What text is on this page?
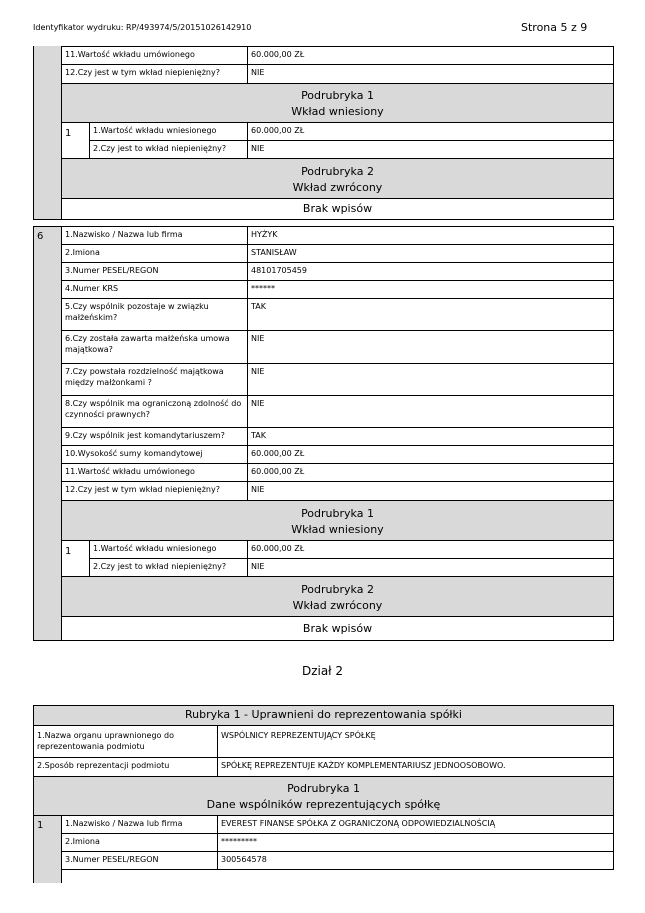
Identyfikator wydruku: RP/493974/5/20151026142910	Strona 5 z 9
11.Wartość wkładu umówionego	60.000,00 ZŁ
12.Czy jest w tym wkład niepieniężny?	NIE
Podrubryka 1
Wkład wniesiony
1	1.Wartość wkładu wniesionego	60.000,00 ZŁ
2.Czy jest to wkład niepieniężny?	NIE
Podrubryka 2
Wkład zwrócony
Brak wpisów
6	1.Nazwisko / Nazwa lub firma	HYŻYK
2.Imiona	STANISŁAW
3.Numer PESEL/REGON	48101705459
4.Numer KRS	******
5.Czy wspólnik pozostaje w związku małżeńskim?
TAK
6.Czy została zawarta małżeńska umowa majątkowa?
NIE
7.Czy powstała rozdzielność majątkowa między małżonkami ?
NIE
8.Czy wspólnik ma ograniczoną zdolność do czynności prawnych?
NIE
9.Czy wspólnik jest komandytariuszem?	TAK
10.Wysokość sumy komandytowej	60.000,00 ZŁ
11.Wartość wkładu umówionego	60.000,00 ZŁ
12.Czy jest w tym wkład niepieniężny?	NIE
Podrubryka 1
Wkład wniesiony
1	1.Wartość wkładu wniesionego	60.000,00 ZŁ
2.Czy jest to wkład niepieniężny?	NIE
Podrubryka 2
Wkład zwrócony
Brak wpisów
Dział 2
Rubryka 1 - Uprawnieni do reprezentowania spółki
1.Nazwa organu uprawnionego do reprezentowania podmiotu
WSPÓLNICY REPREZENTUJĄCY SPÓŁKĘ
2.Sposób reprezentacji podmiotu	SPÓŁKĘ REPREZENTUJE KAŻDY KOMPLEMENTARIUSZ JEDNOOSOBOWO.
Podrubryka 1
Dane wspólników reprezentujących spółkę
1	1.Nazwisko / Nazwa lub firma	EVEREST FINANSE SPÓŁKA Z OGRANICZONĄ ODPOWIEDZIALNOŚCIĄ
2.Imiona	*********
3.Numer PESEL/REGON	300564578
